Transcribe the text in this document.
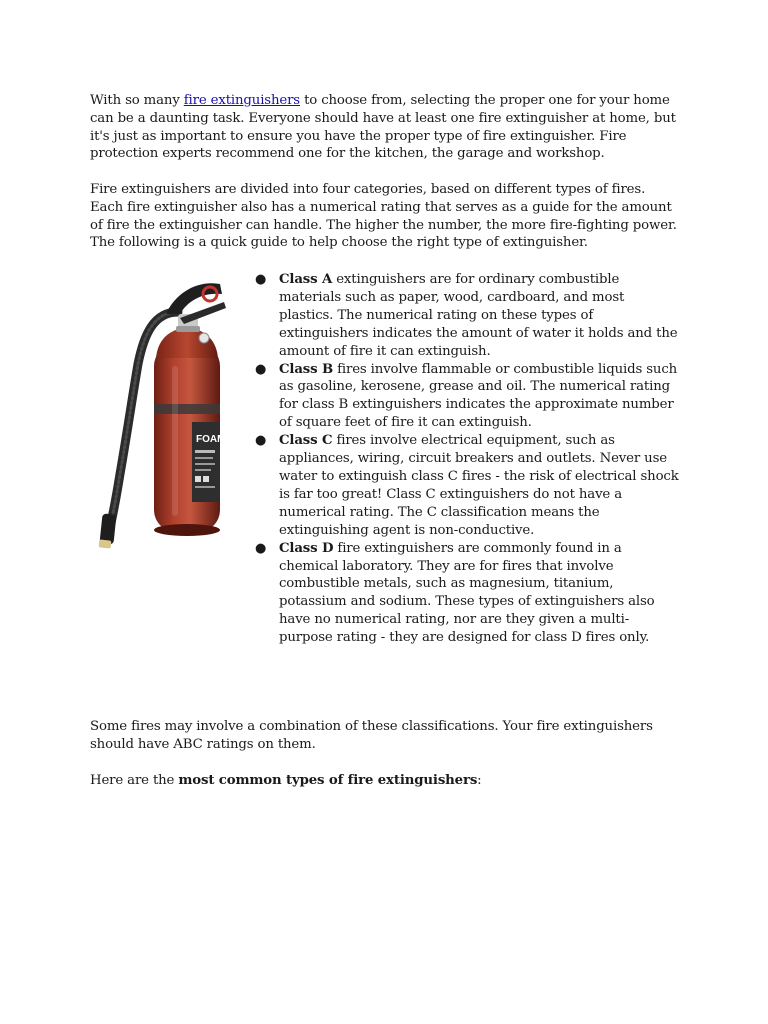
With so many fire extinguishers to choose from, selecting the proper one for your home can be a daunting task. Everyone should have at least one fire extinguisher at home, but it's just as important to ensure you have the proper type of fire extinguisher. Fire protection experts recommend one for the kitchen, the garage and workshop.

Fire extinguishers are divided into four categories, based on different types of fires. Each fire extinguisher also has a numerical rating that serves as a guide for the amount of fire the extinguisher can handle. The higher the number, the more fire-fighting power. The following is a quick guide to help choose the right type of extinguisher.

FOAM
● Class A extinguishers are for ordinary combustible materials such as paper, wood, cardboard, and most plastics. The numerical rating on these types of extinguishers indicates the amount of water it holds and the amount of fire it can extinguish.
● Class B fires involve flammable or combustible liquids such as gasoline, kerosene, grease and oil. The numerical rating for class B extinguishers indicates the approximate number of square feet of fire it can extinguish.
● Class C fires involve electrical equipment, such as appliances, wiring, circuit breakers and outlets. Never use water to extinguish class C fires - the risk of electrical shock is far too great! Class C extinguishers do not have a numerical rating. The C classification means the extinguishing agent is non-conductive.
● Class D fire extinguishers are commonly found in a chemical laboratory. They are for fires that involve combustible metals, such as magnesium, titanium, potassium and sodium. These types of extinguishers also have no numerical rating, nor are they given a multi-purpose rating - they are designed for class D fires only.

Some fires may involve a combination of these classifications. Your fire extinguishers should have ABC ratings on them.

Here are the most common types of fire extinguishers:
